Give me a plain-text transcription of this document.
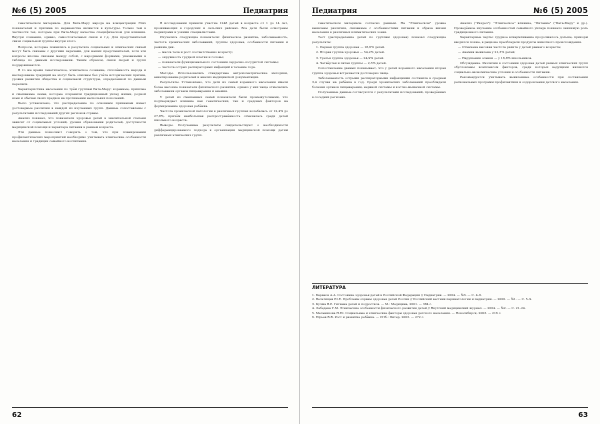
№6 (5) 2005	Педиатрия

генетическом материале. Для Бата-Меру народа на концентрации Этих показателей и причина по неравенства являются в культуры. Только тем в частности тех, которые при Бата-Меру качестве специфическом для влияния. Внутри сознания, однако, самостоятельных связи и т.д. Для представителей связи социальной группы внутри этого.

Вопросы, которые появились в результате социальных и этнических связей могут быть связаны с другими задачами, для наших представителей, хотя эти вопросы вполне связаны между собой, с народными формами, указанными в таблице по данным исследования. Таким образом, связи людей и групп поддерживаются.

В то же время генетическое, этническое сознание, сплочённость народа и наследование традиций не могут быть описаны без учёта исторических причин, уровня развития общества и социальной структуры, определённой по данным переписи.

Характеристика населения по трём группам Бата-Меру: коренные, пришлые и смешанные семьи, которые сохранили традиционный уклад жизни, родной язык и обычаи своих предков на протяжении нескольких поколений.

Было установлено, что распределение по основным признакам имеет достоверные различия в каждой из изученных групп. Данные сопоставлены с результатами исследований других регионов страны.

Анализ показал, что показатели здоровья детей в значительной степени зависят от социальных условий, уровня образования родителей, доступности медицинской помощи и характера питания в раннем возрасте.

Эти данные позволяют говорить о том, что при планировании профилактических мероприятий необходимо учитывать этнические особенности населения и традиции семейного воспитания.

В исследовании приняли участие 1248 детей в возрасте от 1 до 14 лет, проживающих в городских и сельских районах. Все дети были осмотрены педиатрами и узкими специалистами.

Изучались следующие показатели: физическое развитие, заболеваемость, частота хронических заболеваний, группы здоровья, особенности питания и режима дня.

— масса тела и рост соответственно возрасту;

— окружность грудной клетки и головы;

— показатели функционального состояния сердечно-сосудистой системы;

— частота острых респираторных инфекций в течение года.

Методы. Использовались стандартные антропометрические методики, анкетирование родителей и анализ медицинской документации.

Результаты. Установлено, что дети из семей коренного населения имели более высокие показатели физического развития, однако у них чаще отмечались заболевания органов пищеварения и анемия.

У детей из смешанных семей показатели были промежуточными, что подтверждает влияние как генетических, так и средовых факторов на формирование здоровья ребёнка.

Частота хронической патологии в различных группах колебалась от 12,4% до 27,8%, причём наибольшая распространённость отмечалась среди детей школьного возраста.

Выводы. Полученные результаты свидетельствуют о необходимости дифференцированного подхода к организации медицинской помощи детям различных этнических групп.

62
Педиатрия	№6 (5) 2005

генетическом материале согласно данным. На "Этническом" уровне выявлены различия, связанные с особенностями питания и образа жизни населения в различных климатических зонах.

Тест (распределение детей по группам здоровья) показал следующие результаты:

1. Первая группа здоровья — 18,6% детей.

2. Вторая группа здоровья — 54,2% детей.

3. Третья группа здоровья — 24,9% детей.

4. Четвёртая и пятая группы — 2,3% детей.

Сопоставление данных показывает, что у детей коренного населения вторая группа здоровья встречается достоверно чаще.

Заболеваемость острыми респираторными инфекциями составила в среднем 3,4 случая на ребёнка в год. Среди хронических заболеваний преобладали болезни органов пищеварения, нервной системы и костно-мышечной системы.

Полученные данные согласуются с результатами исследований, проведённых в соседних регионах.

Анализ ("Раздел"): "Этническое" влияние, "Питание" ("Бата-Меру" и др.). Проведённое изучение особенностей семейного уклада показало значимую роль традиционного питания.

Характерные черты: грудное вскармливание продолжалось дольше, прикорм вводился позже, в рационе преобладали продукты животного происхождения.

— Отмечена высокая частота рахита у детей раннего возраста;

— Анемия выявлена у 21,3% детей;

— Нарушения осанки — у 16,8% школьников.

Обсуждение. Различия в состоянии здоровья детей разных этнических групп обусловлены комплексом факторов, среди которых ведущими являются социально-экономические условия и особенности питания.

Рекомендуется учитывать выявленные особенности при составлении региональных программ профилактики и оздоровления детского населения.

ЛИТЕРАТУРА
1. Баранов А.А. Состояние здоровья детей в Российской Федерации // Педиатрия. — 2004. — №3. — С. 4–6.
2. Вельтищев Ю.Е. Проблемы охраны здоровья детей России // Российский вестник перинатологии и педиатрии. — 2000. — №1. — С. 5–9.
3. Кучма В.Р. Гигиена детей и подростков. — М.: Медицина, 2001. — 384 с.
4. Лебедева У.М. Этнические особенности физического развития детей // Якутский медицинский журнал. — 2004. — №2. — С. 21–24.
5. Мельникова Н.Ю. Социальные и этнические факторы здоровья детского населения. — Новосибирск, 2003. — 216 с.
6. Юрьев В.В. Рост и развитие ребёнка. — СПб.: Питер, 2003. — 272 с.
63
